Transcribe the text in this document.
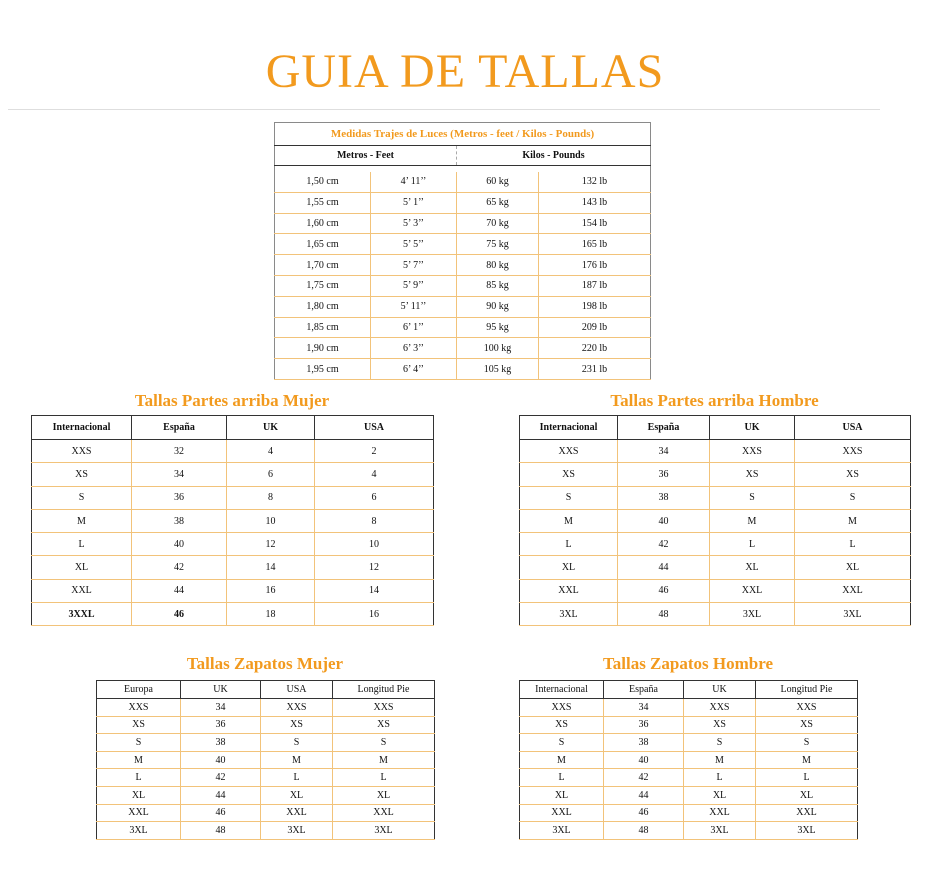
GUIA DE TALLAS
Medidas Trajes de Luces (Metros - feet / Kilos - Pounds)			
Metros - Feet		Kilos - Pounds	

1,50 cm	4’ 11’’	60 kg	132 lb
1,55 cm	5’ 1’’	65 kg	143 lb
1,60 cm	5’ 3’’	70 kg	154 lb
1,65 cm	5’ 5’’	75 kg	165 lb
1,70 cm	5’ 7’’	80 kg	176 lb
1,75 cm	5’ 9’’	85 kg	187 lb
1,80 cm	5’ 11’’	90 kg	198 lb
1,85 cm	6’ 1’’	95 kg	209 lb
1,90 cm	6’ 3’’	100 kg	220 lb
1,95 cm	6’ 4’’	105 kg	231 lb
Tallas Partes arriba Mujer
Internacional	España	UK	USA
XXS	32	4	2
XS	34	6	4
S	36	8	6
M	38	10	8
L	40	12	10
XL	42	14	12
XXL	44	16	14
3XXL	46	18	16
Tallas Partes arriba Hombre
Internacional	España	UK	USA
XXS	34	XXS	XXS
XS	36	XS	XS
S	38	S	S
M	40	M	M
L	42	L	L
XL	44	XL	XL
XXL	46	XXL	XXL
3XL	48	3XL	3XL
Tallas Zapatos Mujer
Europa	UK	USA	Longitud Pie
XXS	34	XXS	XXS
XS	36	XS	XS
S	38	S	S
M	40	M	M
L	42	L	L
XL	44	XL	XL
XXL	46	XXL	XXL
3XL	48	3XL	3XL
Tallas Zapatos Hombre
Internacional	España	UK	Longitud Pie
XXS	34	XXS	XXS
XS	36	XS	XS
S	38	S	S
M	40	M	M
L	42	L	L
XL	44	XL	XL
XXL	46	XXL	XXL
3XL	48	3XL	3XL
